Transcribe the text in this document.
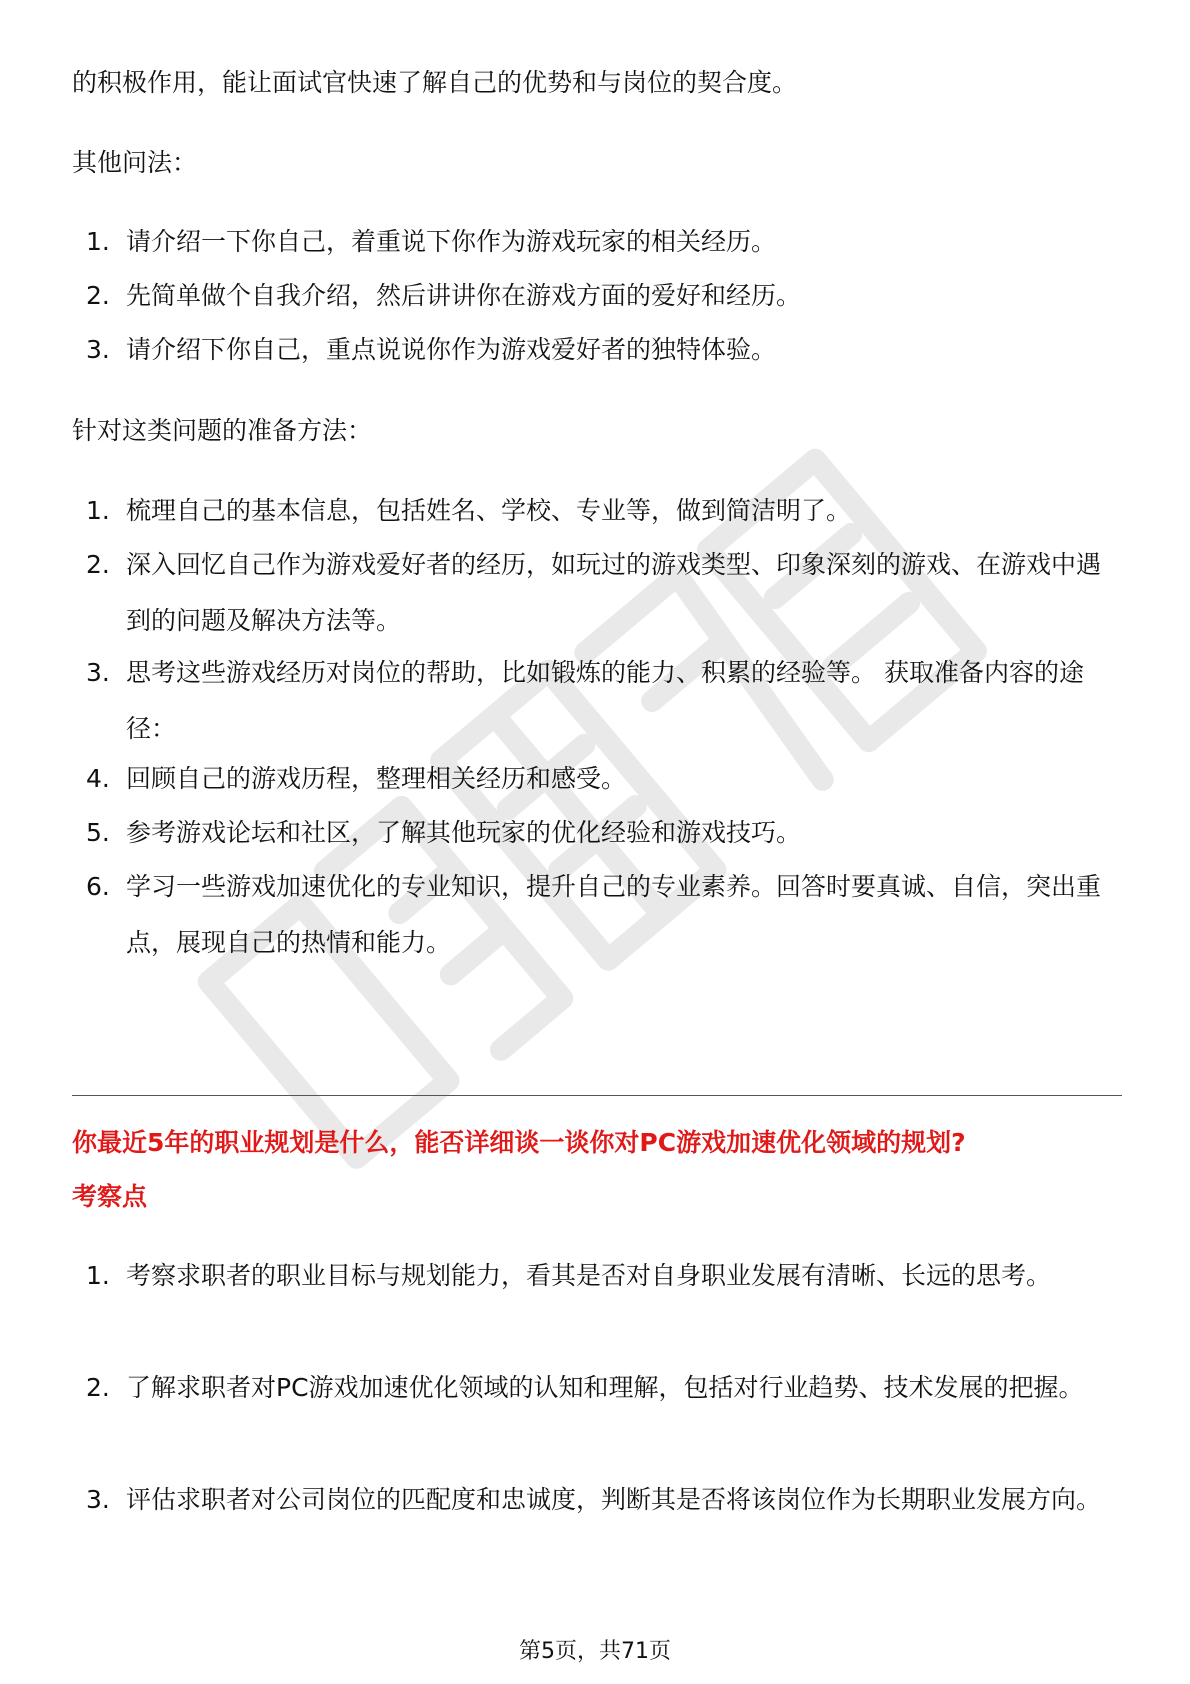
的积极作用，能让面试官快速了解自己的优势和与岗位的契合度。
其他问法：
1. 请介绍一下你自己，着重说下你作为游戏玩家的相关经历。
2. 先简单做个自我介绍，然后讲讲你在游戏方面的爱好和经历。
3. 请介绍下你自己，重点说说你作为游戏爱好者的独特体验。
针对这类问题的准备方法：
1. 梳理自己的基本信息，包括姓名、学校、专业等，做到简洁明了。
2. 深入回忆自己作为游戏爱好者的经历，如玩过的游戏类型、印象深刻的游戏、在游戏中遇到的问题及解决方法等。
3. 思考这些游戏经历对岗位的帮助，比如锻炼的能力、积累的经验等。 获取准备内容的途径：
4. 回顾自己的游戏历程，整理相关经历和感受。
5. 参考游戏论坛和社区，了解其他玩家的优化经验和游戏技巧。
6. 学习一些游戏加速优化的专业知识，提升自己的专业素养。回答时要真诚、自信，突出重点，展现自己的热情和能力。
你最近5年的职业规划是什么，能否详细谈一谈你对PC游戏加速优化领域的规划?
考察点
1. 考察求职者的职业目标与规划能力，看其是否对自身职业发展有清晰、长远的思考。
2. 了解求职者对PC游戏加速优化领域的认知和理解，包括对行业趋势、技术发展的把握。
3. 评估求职者对公司岗位的匹配度和忠诚度，判断其是否将该岗位作为长期职业发展方向。
第5页，共71页
